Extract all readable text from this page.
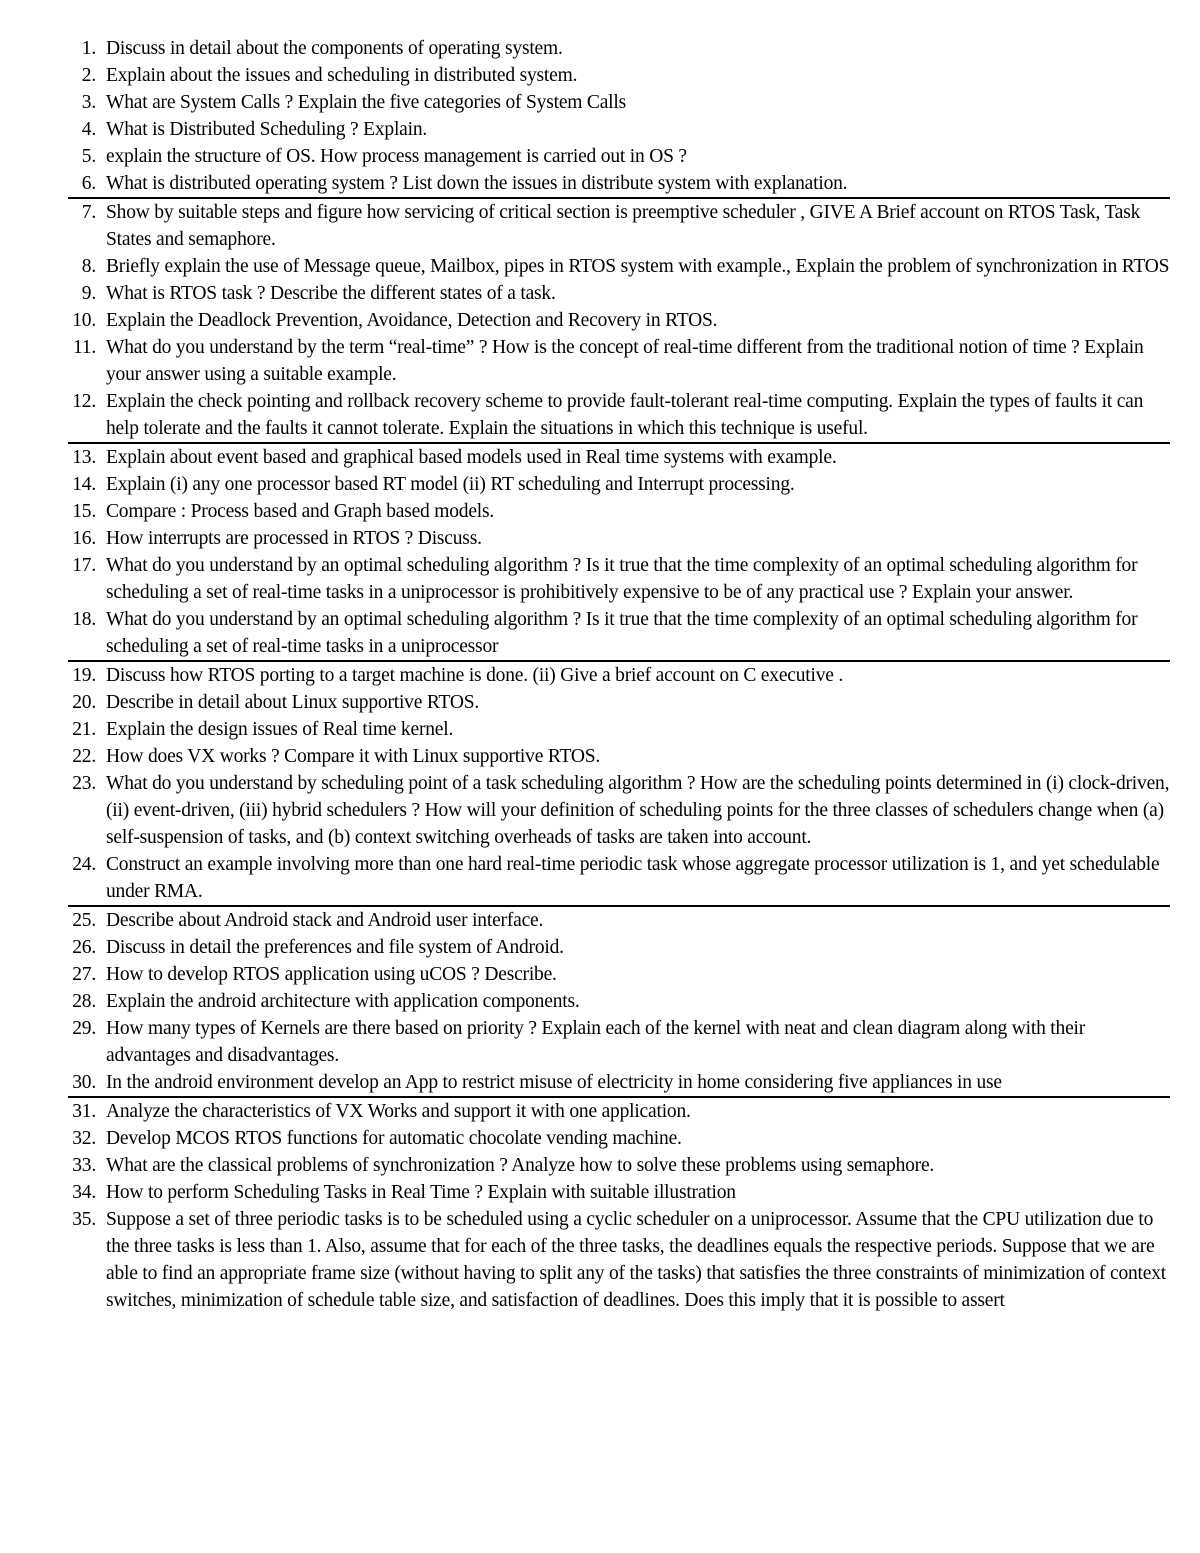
1. Discuss in detail about the components of operating system.
2. Explain about the issues and scheduling in distributed system.
3. What are System Calls ? Explain the five categories of System Calls
4. What is Distributed Scheduling ? Explain.
5. explain the structure of OS. How process management is carried out in OS ?
6. What is distributed operating system ? List down the issues in distribute system with explanation.
7. Show by suitable steps and figure how servicing of critical section is preemptive scheduler , GIVE A Brief account on RTOS Task, Task States and semaphore.
8. Briefly explain the use of Message queue, Mailbox, pipes in RTOS system with example., Explain the problem of synchronization in RTOS
9. What is RTOS task ? Describe the different states of a task.
10. Explain the Deadlock Prevention, Avoidance, Detection and Recovery in RTOS.
11. What do you understand by the term “real-time” ? How is the concept of real-time different from the traditional notion of time ? Explain your answer using a suitable example.
12. Explain the check pointing and rollback recovery scheme to provide fault-tolerant real-time computing. Explain the types of faults it can help tolerate and the faults it cannot tolerate. Explain the situations in which this technique is useful.
13. Explain about event based and graphical based models used in Real time systems with example.
14. Explain (i) any one processor based RT model (ii) RT scheduling and Interrupt processing.
15. Compare : Process based and Graph based models.
16. How interrupts are processed in RTOS ? Discuss.
17. What do you understand by an optimal scheduling algorithm ? Is it true that the time complexity of an optimal scheduling algorithm for scheduling a set of real-time tasks in a uniprocessor is prohibitively expensive to be of any practical use ? Explain your answer.
18. What do you understand by an optimal scheduling algorithm ? Is it true that the time complexity of an optimal scheduling algorithm for scheduling a set of real-time tasks in a uniprocessor
19. Discuss how RTOS porting to a target machine is done. (ii) Give a brief account on C executive .
20. Describe in detail about Linux supportive RTOS.
21. Explain the design issues of Real time kernel.
22. How does VX works ? Compare it with Linux supportive RTOS.
23. What do you understand by scheduling point of a task scheduling algorithm ? How are the scheduling points determined in (i) clock-driven, (ii) event-driven, (iii) hybrid schedulers ? How will your definition of scheduling points for the three classes of schedulers change when (a) self-suspension of tasks, and (b) context switching overheads of tasks are taken into account.
24. Construct an example involving more than one hard real-time periodic task whose aggregate processor utilization is 1, and yet schedulable under RMA.
25. Describe about Android stack and Android user interface.
26. Discuss in detail the preferences and file system of Android.
27. How to develop RTOS application using uCOS ? Describe.
28. Explain the android architecture with application components.
29. How many types of Kernels are there based on priority ? Explain each of the kernel with neat and clean diagram along with their advantages and disadvantages.
30. In the android environment develop an App to restrict misuse of electricity in home considering five appliances in use
31. Analyze the characteristics of VX Works and support it with one application.
32. Develop MCOS RTOS functions for automatic chocolate vending machine.
33. What are the classical problems of synchronization ? Analyze how to solve these problems using semaphore.
34. How to perform Scheduling Tasks in Real Time ? Explain with suitable illustration
35. Suppose a set of three periodic tasks is to be scheduled using a cyclic scheduler on a uniprocessor. Assume that the CPU utilization due to the three tasks is less than 1. Also, assume that for each of the three tasks, the deadlines equals the respective periods. Suppose that we are able to find an appropriate frame size (without having to split any of the tasks) that satisfies the three constraints of minimization of context switches, minimization of schedule table size, and satisfaction of deadlines. Does this imply that it is possible to assert
